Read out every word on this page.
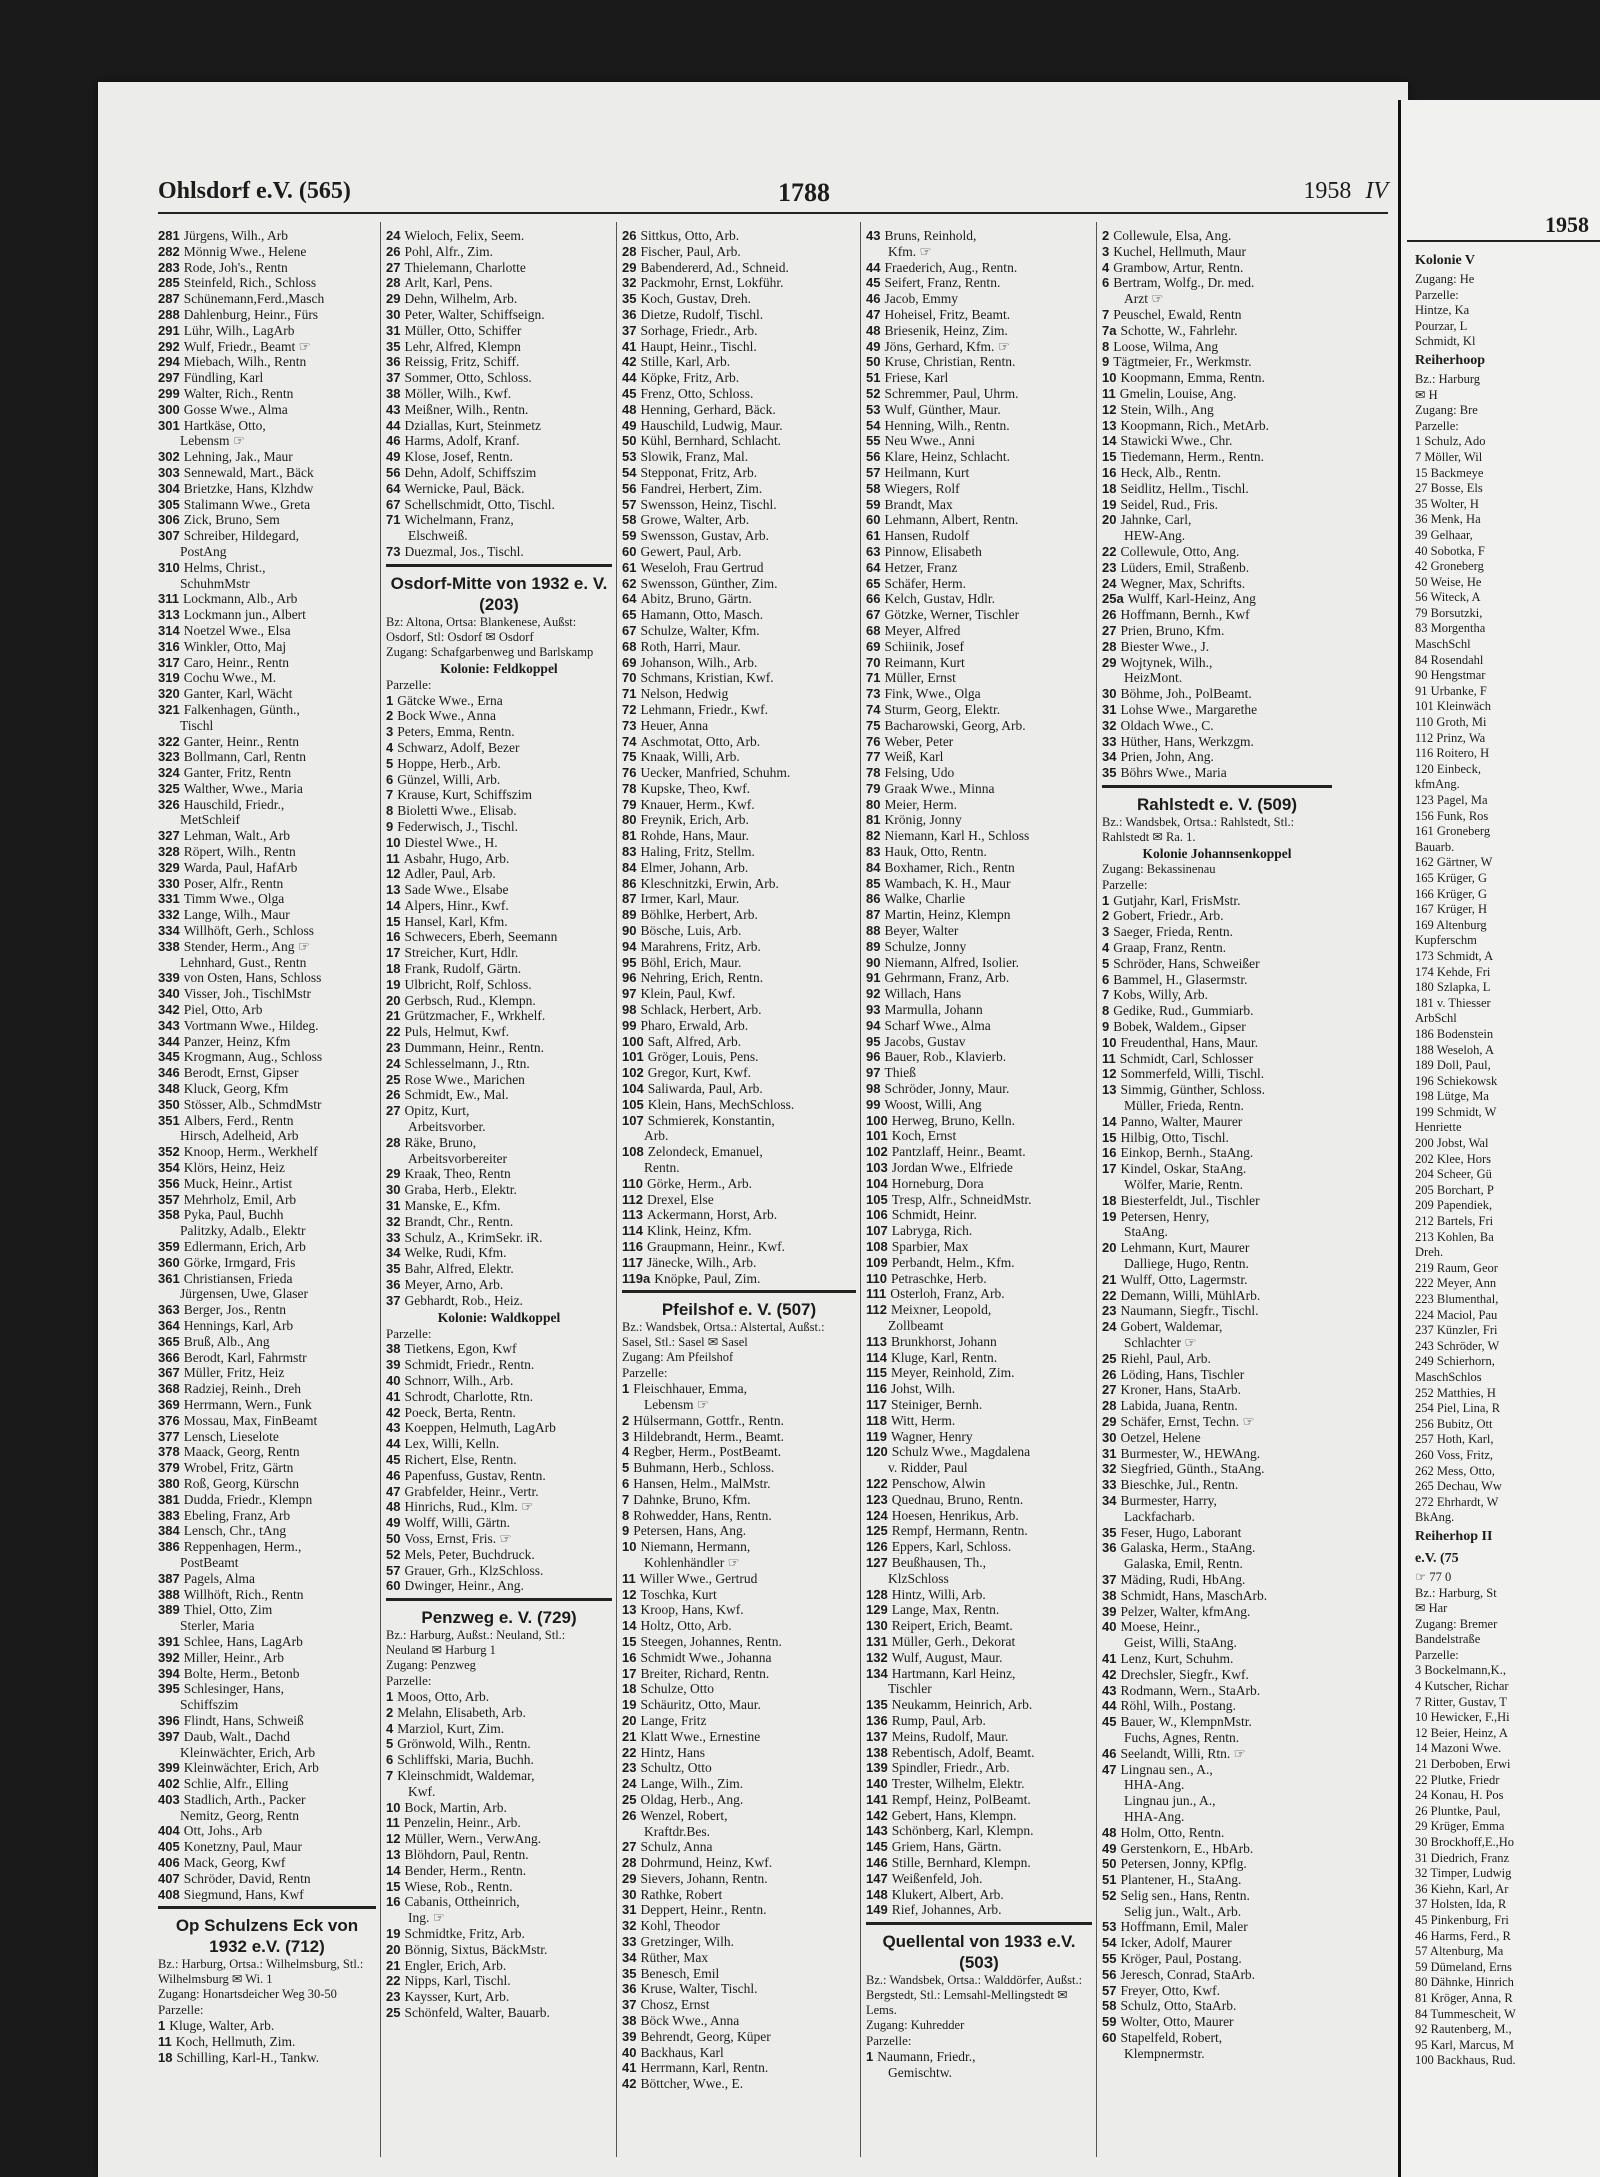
1958
Kolonie V
Zugang: He
Parzelle:
Hintze, Ka
Pourzar, L
Schmidt, Kl
Reiherhoop
Bz.: Harburg
✉ H
Zugang: Bre
Parzelle:
1 Schulz, Ado
7 Möller, Wil
15 Backmeye
27 Bosse, Els
35 Wolter, H
36 Menk, Ha
39 Gelhaar,
40 Sobotka, F
42 Groneberg
50 Weise, He
56 Witeck, A
79 Borsutzki,
83 Morgentha
MaschSchl
84 Rosendahl
90 Hengstmar
91 Urbanke, F
101 Kleinwäch
110 Groth, Mi
112 Prinz, Wa
116 Roitero, H
120 Einbeck,
kfmAng.
123 Pagel, Ma
156 Funk, Ros
161 Groneberg
Bauarb.
162 Gärtner, W
165 Krüger, G
166 Krüger, G
167 Krüger, H
169 Altenburg
Kupferschm
173 Schmidt, A
174 Kehde, Fri
180 Szlapka, L
181 v. Thiesser
ArbSchl
186 Bodenstein
188 Weseloh, A
189 Doll, Paul,
196 Schiekowsk
198 Lütge, Ma
199 Schmidt, W
Henriette
200 Jobst, Wal
202 Klee, Hors
204 Scheer, Gü
205 Borchart, P
209 Papendiek,
212 Bartels, Fri
213 Kohlen, Ba
Dreh.
219 Raum, Geor
222 Meyer, Ann
223 Blumenthal,
224 Maciol, Pau
237 Künzler, Fri
243 Schröder, W
249 Schierhorn,
MaschSchlos
252 Matthies, H
254 Piel, Lina, R
256 Bubitz, Ott
257 Hoth, Karl,
260 Voss, Fritz,
262 Mess, Otto,
265 Dechau, Ww
272 Ehrhardt, W
BkAng.
Reiherhop II
e.V. (75
☞ 77 0
Bz.: Harburg, St
✉ Har
Zugang: Bremer
Bandelstraße
Parzelle:
3 Bockelmann,K.,
4 Kutscher, Richar
7 Ritter, Gustav, T
10 Hewicker, F.,Hi
12 Beier, Heinz, A
14 Mazoni Wwe.
21 Derboben, Erwi
22 Plutke, Friedr
24 Konau, H. Pos
26 Pluntke, Paul,
29 Krüger, Emma
30 Brockhoff,E.,Ho
31 Diedrich, Franz
32 Timper, Ludwig
36 Kiehn, Karl, Ar
37 Holsten, Ida, R
45 Pinkenburg, Fri
46 Harms, Ferd., R
57 Altenburg, Ma
59 Dümeland, Erns
80 Dähnke, Hinrich
81 Kröger, Anna, R
84 Tummescheit, W
92 Rautenberg, M.,
95 Karl, Marcus, M
100 Backhaus, Rud.
Ohlsdorf e.V. (565)	1788	1958 IV
281 Jürgens, Wilh., Arb
282 Mönnig Wwe., Helene
283 Rode, Joh's., Rentn
285 Steinfeld, Rich., Schloss
287 Schünemann,Ferd.,Masch
288 Dahlenburg, Heinr., Fürs
291 Lühr, Wilh., LagArb
292 Wulf, Friedr., Beamt ☞
294 Miebach, Wilh., Rentn
297 Fündling, Karl
299 Walter, Rich., Rentn
300 Gosse Wwe., Alma
301 Hartkäse, Otto,
Lebensm ☞
302 Lehning, Jak., Maur
303 Sennewald, Mart., Bäck
304 Brietzke, Hans, Klzhdw
305 Stalimann Wwe., Greta
306 Zick, Bruno, Sem
307 Schreiber, Hildegard,
PostAng
310 Helms, Christ.,
SchuhmMstr
311 Lockmann, Alb., Arb
313 Lockmann jun., Albert
314 Noetzel Wwe., Elsa
316 Winkler, Otto, Maj
317 Caro, Heinr., Rentn
319 Cochu Wwe., M.
320 Ganter, Karl, Wächt
321 Falkenhagen, Günth.,
Tischl
322 Ganter, Heinr., Rentn
323 Bollmann, Carl, Rentn
324 Ganter, Fritz, Rentn
325 Walther, Wwe., Maria
326 Hauschild, Friedr.,
MetSchleif
327 Lehman, Walt., Arb
328 Röpert, Wilh., Rentn
329 Warda, Paul, HafArb
330 Poser, Alfr., Rentn
331 Timm Wwe., Olga
332 Lange, Wilh., Maur
334 Willhöft, Gerh., Schloss
338 Stender, Herm., Ang ☞
Lehnhard, Gust., Rentn
339 von Osten, Hans, Schloss
340 Visser, Joh., TischlMstr
342 Piel, Otto, Arb
343 Vortmann Wwe., Hildeg.
344 Panzer, Heinz, Kfm
345 Krogmann, Aug., Schloss
346 Berodt, Ernst, Gipser
348 Kluck, Georg, Kfm
350 Stösser, Alb., SchmdMstr
351 Albers, Ferd., Rentn
Hirsch, Adelheid, Arb
352 Knoop, Herm., Werkhelf
354 Klörs, Heinz, Heiz
356 Muck, Heinr., Artist
357 Mehrholz, Emil, Arb
358 Pyka, Paul, Buchh
Palitzky, Adalb., Elektr
359 Edlermann, Erich, Arb
360 Görke, Irmgard, Fris
361 Christiansen, Frieda
Jürgensen, Uwe, Glaser
363 Berger, Jos., Rentn
364 Hennings, Karl, Arb
365 Bruß, Alb., Ang
366 Berodt, Karl, Fahrmstr
367 Müller, Fritz, Heiz
368 Radziej, Reinh., Dreh
369 Herrmann, Wern., Funk
376 Mossau, Max, FinBeamt
377 Lensch, Lieselote
378 Maack, Georg, Rentn
379 Wrobel, Fritz, Gärtn
380 Roß, Georg, Kürschn
381 Dudda, Friedr., Klempn
383 Ebeling, Franz, Arb
384 Lensch, Chr., tAng
386 Reppenhagen, Herm.,
PostBeamt
387 Pagels, Alma
388 Willhöft, Rich., Rentn
389 Thiel, Otto, Zim
Sterler, Maria
391 Schlee, Hans, LagArb
392 Miller, Heinr., Arb
394 Bolte, Herm., Betonb
395 Schlesinger, Hans,
Schiffszim
396 Flindt, Hans, Schweiß
397 Daub, Walt., Dachd
Kleinwächter, Erich, Arb
399 Kleinwächter, Erich, Arb
402 Schlie, Alfr., Elling
403 Stadlich, Arth., Packer
Nemitz, Georg, Rentn
404 Ott, Johs., Arb
405 Konetzny, Paul, Maur
406 Mack, Georg, Kwf
407 Schröder, David, Rentn
408 Siegmund, Hans, Kwf
Op Schulzens Eck von 1932 e.V. (712)
Bz.: Harburg, Ortsa.: Wilhelmsburg, Stl.: Wilhelmsburg ✉ Wi. 1
Zugang: Honartsdeicher Weg 30-50
Parzelle:
1 Kluge, Walter, Arb.
11 Koch, Hellmuth, Zim.
18 Schilling, Karl-H., Tankw.
24 Wieloch, Felix, Seem.
26 Pohl, Alfr., Zim.
27 Thielemann, Charlotte
28 Arlt, Karl, Pens.
29 Dehn, Wilhelm, Arb.
30 Peter, Walter, Schiffseign.
31 Müller, Otto, Schiffer
35 Lehr, Alfred, Klempn
36 Reissig, Fritz, Schiff.
37 Sommer, Otto, Schloss.
38 Möller, Wilh., Kwf.
43 Meißner, Wilh., Rentn.
44 Dziallas, Kurt, Steinmetz
46 Harms, Adolf, Kranf.
49 Klose, Josef, Rentn.
56 Dehn, Adolf, Schiffszim
64 Wernicke, Paul, Bäck.
67 Schellschmidt, Otto, Tischl.
71 Wichelmann, Franz,
Elschweiß.
73 Duezmal, Jos., Tischl.
Osdorf-Mitte von 1932 e. V. (203)
Bz: Altona, Ortsa: Blankenese, Außst: Osdorf, Stl: Osdorf ✉ Osdorf
Zugang: Schafgarbenweg und Barlskamp
Kolonie: Feldkoppel
Parzelle:
1 Gätcke Wwe., Erna
2 Bock Wwe., Anna
3 Peters, Emma, Rentn.
4 Schwarz, Adolf, Bezer
5 Hoppe, Herb., Arb.
6 Günzel, Willi, Arb.
7 Krause, Kurt, Schiffszim
8 Bioletti Wwe., Elisab.
9 Federwisch, J., Tischl.
10 Diestel Wwe., H.
11 Asbahr, Hugo, Arb.
12 Adler, Paul, Arb.
13 Sade Wwe., Elsabe
14 Alpers, Hinr., Kwf.
15 Hansel, Karl, Kfm.
16 Schwecers, Eberh, Seemann
17 Streicher, Kurt, Hdlr.
18 Frank, Rudolf, Gärtn.
19 Ulbricht, Rolf, Schloss.
20 Gerbsch, Rud., Klempn.
21 Grützmacher, F., Wrkhelf.
22 Puls, Helmut, Kwf.
23 Dummann, Heinr., Rentn.
24 Schlesselmann, J., Rtn.
25 Rose Wwe., Marichen
26 Schmidt, Ew., Mal.
27 Opitz, Kurt,
Arbeitsvorber.
28 Räke, Bruno,
Arbeitsvorbereiter
29 Kraak, Theo, Rentn
30 Graba, Herb., Elektr.
31 Manske, E., Kfm.
32 Brandt, Chr., Rentn.
33 Schulz, A., KrimSekr. iR.
34 Welke, Rudi, Kfm.
35 Bahr, Alfred, Elektr.
36 Meyer, Arno, Arb.
37 Gebhardt, Rob., Heiz.
Kolonie: Waldkoppel
Parzelle:
38 Tietkens, Egon, Kwf
39 Schmidt, Friedr., Rentn.
40 Schnorr, Wilh., Arb.
41 Schrodt, Charlotte, Rtn.
42 Poeck, Berta, Rentn.
43 Koeppen, Helmuth, LagArb
44 Lex, Willi, Kelln.
45 Richert, Else, Rentn.
46 Papenfuss, Gustav, Rentn.
47 Grabfelder, Heinr., Vertr.
48 Hinrichs, Rud., Klm. ☞
49 Wolff, Willi, Gärtn.
50 Voss, Ernst, Fris. ☞
52 Mels, Peter, Buchdruck.
57 Grauer, Grh., KlzSchloss.
60 Dwinger, Heinr., Ang.
Penzweg e. V. (729)
Bz.: Harburg, Außst.: Neuland, Stl.: Neuland ✉ Harburg 1
Zugang: Penzweg
Parzelle:
1 Moos, Otto, Arb.
2 Melahn, Elisabeth, Arb.
4 Marziol, Kurt, Zim.
5 Grönwold, Wilh., Rentn.
6 Schliffski, Maria, Buchh.
7 Kleinschmidt, Waldemar,
Kwf.
10 Bock, Martin, Arb.
11 Penzelin, Heinr., Arb.
12 Müller, Wern., VerwAng.
13 Blöhdorn, Paul, Rentn.
14 Bender, Herm., Rentn.
15 Wiese, Rob., Rentn.
16 Cabanis, Ottheinrich,
Ing. ☞
19 Schmidtke, Fritz, Arb.
20 Bönnig, Sixtus, BäckMstr.
21 Engler, Erich, Arb.
22 Nipps, Karl, Tischl.
23 Kaysser, Kurt, Arb.
25 Schönfeld, Walter, Bauarb.
26 Sittkus, Otto, Arb.
28 Fischer, Paul, Arb.
29 Babendererd, Ad., Schneid.
32 Packmohr, Ernst, Lokführ.
35 Koch, Gustav, Dreh.
36 Dietze, Rudolf, Tischl.
37 Sorhage, Friedr., Arb.
41 Haupt, Heinr., Tischl.
42 Stille, Karl, Arb.
44 Köpke, Fritz, Arb.
45 Frenz, Otto, Schloss.
48 Henning, Gerhard, Bäck.
49 Hauschild, Ludwig, Maur.
50 Kühl, Bernhard, Schlacht.
53 Slowik, Franz, Mal.
54 Stepponat, Fritz, Arb.
56 Fandrei, Herbert, Zim.
57 Swensson, Heinz, Tischl.
58 Growe, Walter, Arb.
59 Swensson, Gustav, Arb.
60 Gewert, Paul, Arb.
61 Weseloh, Frau Gertrud
62 Swensson, Günther, Zim.
64 Abitz, Bruno, Gärtn.
65 Hamann, Otto, Masch.
67 Schulze, Walter, Kfm.
68 Roth, Harri, Maur.
69 Johanson, Wilh., Arb.
70 Schmans, Kristian, Kwf.
71 Nelson, Hedwig
72 Lehmann, Friedr., Kwf.
73 Heuer, Anna
74 Aschmotat, Otto, Arb.
75 Knaak, Willi, Arb.
76 Uecker, Manfried, Schuhm.
78 Kupske, Theo, Kwf.
79 Knauer, Herm., Kwf.
80 Freynik, Erich, Arb.
81 Rohde, Hans, Maur.
83 Haling, Fritz, Stellm.
84 Elmer, Johann, Arb.
86 Kleschnitzki, Erwin, Arb.
87 Irmer, Karl, Maur.
89 Böhlke, Herbert, Arb.
90 Bösche, Luis, Arb.
94 Marahrens, Fritz, Arb.
95 Böhl, Erich, Maur.
96 Nehring, Erich, Rentn.
97 Klein, Paul, Kwf.
98 Schlack, Herbert, Arb.
99 Pharo, Erwald, Arb.
100 Saft, Alfred, Arb.
101 Gröger, Louis, Pens.
102 Gregor, Kurt, Kwf.
104 Saliwarda, Paul, Arb.
105 Klein, Hans, MechSchloss.
107 Schmierek, Konstantin,
Arb.
108 Zelondeck, Emanuel,
Rentn.
110 Görke, Herm., Arb.
112 Drexel, Else
113 Ackermann, Horst, Arb.
114 Klink, Heinz, Kfm.
116 Graupmann, Heinr., Kwf.
117 Jänecke, Wilh., Arb.
119a Knöpke, Paul, Zim.
Pfeilshof e. V. (507)
Bz.: Wandsbek, Ortsa.: Alstertal, Außst.: Sasel, Stl.: Sasel ✉ Sasel
Zugang: Am Pfeilshof
Parzelle:
1 Fleischhauer, Emma,
Lebensm ☞
2 Hülsermann, Gottfr., Rentn.
3 Hildebrandt, Herm., Beamt.
4 Regber, Herm., PostBeamt.
5 Buhmann, Herb., Schloss.
6 Hansen, Helm., MalMstr.
7 Dahnke, Bruno, Kfm.
8 Rohwedder, Hans, Rentn.
9 Petersen, Hans, Ang.
10 Niemann, Hermann,
Kohlenhändler ☞
11 Willer Wwe., Gertrud
12 Toschka, Kurt
13 Kroop, Hans, Kwf.
14 Holtz, Otto, Arb.
15 Steegen, Johannes, Rentn.
16 Schmidt Wwe., Johanna
17 Breiter, Richard, Rentn.
18 Schulze, Otto
19 Schäuritz, Otto, Maur.
20 Lange, Fritz
21 Klatt Wwe., Ernestine
22 Hintz, Hans
23 Schultz, Otto
24 Lange, Wilh., Zim.
25 Oldag, Herb., Ang.
26 Wenzel, Robert,
Kraftdr.Bes.
27 Schulz, Anna
28 Dohrmund, Heinz, Kwf.
29 Sievers, Johann, Rentn.
30 Rathke, Robert
31 Deppert, Heinr., Rentn.
32 Kohl, Theodor
33 Gretzinger, Wilh.
34 Rüther, Max
35 Benesch, Emil
36 Kruse, Walter, Tischl.
37 Chosz, Ernst
38 Böck Wwe., Anna
39 Behrendt, Georg, Küper
40 Backhaus, Karl
41 Herrmann, Karl, Rentn.
42 Böttcher, Wwe., E.
43 Bruns, Reinhold,
Kfm. ☞
44 Fraederich, Aug., Rentn.
45 Seifert, Franz, Rentn.
46 Jacob, Emmy
47 Hoheisel, Fritz, Beamt.
48 Briesenik, Heinz, Zim.
49 Jöns, Gerhard, Kfm. ☞
50 Kruse, Christian, Rentn.
51 Friese, Karl
52 Schremmer, Paul, Uhrm.
53 Wulf, Günther, Maur.
54 Henning, Wilh., Rentn.
55 Neu Wwe., Anni
56 Klare, Heinz, Schlacht.
57 Heilmann, Kurt
58 Wiegers, Rolf
59 Brandt, Max
60 Lehmann, Albert, Rentn.
61 Hansen, Rudolf
63 Pinnow, Elisabeth
64 Hetzer, Franz
65 Schäfer, Herm.
66 Kelch, Gustav, Hdlr.
67 Götzke, Werner, Tischler
68 Meyer, Alfred
69 Schiinik, Josef
70 Reimann, Kurt
71 Müller, Ernst
73 Fink, Wwe., Olga
74 Sturm, Georg, Elektr.
75 Bacharowski, Georg, Arb.
76 Weber, Peter
77 Weiß, Karl
78 Felsing, Udo
79 Graak Wwe., Minna
80 Meier, Herm.
81 Krönig, Jonny
82 Niemann, Karl H., Schloss
83 Hauk, Otto, Rentn.
84 Boxhamer, Rich., Rentn
85 Wambach, K. H., Maur
86 Walke, Charlie
87 Martin, Heinz, Klempn
88 Beyer, Walter
89 Schulze, Jonny
90 Niemann, Alfred, Isolier.
91 Gehrmann, Franz, Arb.
92 Willach, Hans
93 Marmulla, Johann
94 Scharf Wwe., Alma
95 Jacobs, Gustav
96 Bauer, Rob., Klavierb.
97 Thieß
98 Schröder, Jonny, Maur.
99 Woost, Willi, Ang
100 Herweg, Bruno, Kelln.
101 Koch, Ernst
102 Pantzlaff, Heinr., Beamt.
103 Jordan Wwe., Elfriede
104 Horneburg, Dora
105 Tresp, Alfr., SchneidMstr.
106 Schmidt, Heinr.
107 Labryga, Rich.
108 Sparbier, Max
109 Perbandt, Helm., Kfm.
110 Petraschke, Herb.
111 Osterloh, Franz, Arb.
112 Meixner, Leopold,
Zollbeamt
113 Brunkhorst, Johann
114 Kluge, Karl, Rentn.
115 Meyer, Reinhold, Zim.
116 Johst, Wilh.
117 Steiniger, Bernh.
118 Witt, Herm.
119 Wagner, Henry
120 Schulz Wwe., Magdalena
v. Ridder, Paul
122 Penschow, Alwin
123 Quednau, Bruno, Rentn.
124 Hoesen, Henrikus, Arb.
125 Rempf, Hermann, Rentn.
126 Eppers, Karl, Schloss.
127 Beußhausen, Th.,
KlzSchloss
128 Hintz, Willi, Arb.
129 Lange, Max, Rentn.
130 Reipert, Erich, Beamt.
131 Müller, Gerh., Dekorat
132 Wulf, August, Maur.
134 Hartmann, Karl Heinz,
Tischler
135 Neukamm, Heinrich, Arb.
136 Rump, Paul, Arb.
137 Meins, Rudolf, Maur.
138 Rebentisch, Adolf, Beamt.
139 Spindler, Friedr., Arb.
140 Trester, Wilhelm, Elektr.
141 Rempf, Heinz, PolBeamt.
142 Gebert, Hans, Klempn.
143 Schönberg, Karl, Klempn.
145 Griem, Hans, Gärtn.
146 Stille, Bernhard, Klempn.
147 Weißenfeld, Joh.
148 Klukert, Albert, Arb.
149 Rief, Johannes, Arb.
Quellental von 1933 e.V. (503)
Bz.: Wandsbek, Ortsa.: Walddörfer, Außst.: Bergstedt, Stl.: Lemsahl-Mellingstedt ✉ Lems.
Zugang: Kuhredder
Parzelle:
1 Naumann, Friedr.,
Gemischtw.
2 Collewule, Elsa, Ang.
3 Kuchel, Hellmuth, Maur
4 Grambow, Artur, Rentn.
6 Bertram, Wolfg., Dr. med.
Arzt ☞
7 Peuschel, Ewald, Rentn
7a Schotte, W., Fahrlehr.
8 Loose, Wilma, Ang
9 Tägtmeier, Fr., Werkmstr.
10 Koopmann, Emma, Rentn.
11 Gmelin, Louise, Ang.
12 Stein, Wilh., Ang
13 Koopmann, Rich., MetArb.
14 Stawicki Wwe., Chr.
15 Tiedemann, Herm., Rentn.
16 Heck, Alb., Rentn.
18 Seidlitz, Hellm., Tischl.
19 Seidel, Rud., Fris.
20 Jahnke, Carl,
HEW-Ang.
22 Collewule, Otto, Ang.
23 Lüders, Emil, Straßenb.
24 Wegner, Max, Schrifts.
25a Wulff, Karl-Heinz, Ang
26 Hoffmann, Bernh., Kwf
27 Prien, Bruno, Kfm.
28 Biester Wwe., J.
29 Wojtynek, Wilh.,
HeizMont.
30 Böhme, Joh., PolBeamt.
31 Lohse Wwe., Margarethe
32 Oldach Wwe., C.
33 Hüther, Hans, Werkzgm.
34 Prien, John, Ang.
35 Böhrs Wwe., Maria
Rahlstedt e. V. (509)
Bz.: Wandsbek, Ortsa.: Rahlstedt, Stl.: Rahlstedt ✉ Ra. 1.
Kolonie Johannsenkoppel
Zugang: Bekassinenau
Parzelle:
1 Gutjahr, Karl, FrisMstr.
2 Gobert, Friedr., Arb.
3 Saeger, Frieda, Rentn.
4 Graap, Franz, Rentn.
5 Schröder, Hans, Schweißer
6 Bammel, H., Glasermstr.
7 Kobs, Willy, Arb.
8 Gedike, Rud., Gummiarb.
9 Bobek, Waldem., Gipser
10 Freudenthal, Hans, Maur.
11 Schmidt, Carl, Schlosser
12 Sommerfeld, Willi, Tischl.
13 Simmig, Günther, Schloss.
Müller, Frieda, Rentn.
14 Panno, Walter, Maurer
15 Hilbig, Otto, Tischl.
16 Einkop, Bernh., StaAng.
17 Kindel, Oskar, StaAng.
Wölfer, Marie, Rentn.
18 Biesterfeldt, Jul., Tischler
19 Petersen, Henry,
StaAng.
20 Lehmann, Kurt, Maurer
Dalliege, Hugo, Rentn.
21 Wulff, Otto, Lagermstr.
22 Demann, Willi, MühlArb.
23 Naumann, Siegfr., Tischl.
24 Gobert, Waldemar,
Schlachter ☞
25 Riehl, Paul, Arb.
26 Löding, Hans, Tischler
27 Kroner, Hans, StaArb.
28 Labida, Juana, Rentn.
29 Schäfer, Ernst, Techn. ☞
30 Oetzel, Helene
31 Burmester, W., HEWAng.
32 Siegfried, Günth., StaAng.
33 Bieschke, Jul., Rentn.
34 Burmester, Harry,
Lackfacharb.
35 Feser, Hugo, Laborant
36 Galaska, Herm., StaAng.
Galaska, Emil, Rentn.
37 Mäding, Rudi, HbAng.
38 Schmidt, Hans, MaschArb.
39 Pelzer, Walter, kfmAng.
40 Moese, Heinr.,
Geist, Willi, StaAng.
41 Lenz, Kurt, Schuhm.
42 Drechsler, Siegfr., Kwf.
43 Rodmann, Wern., StaArb.
44 Röhl, Wilh., Postang.
45 Bauer, W., KlempnMstr.
Fuchs, Agnes, Rentn.
46 Seelandt, Willi, Rtn. ☞
47 Lingnau sen., A.,
HHA-Ang.
Lingnau jun., A.,
HHA-Ang.
48 Holm, Otto, Rentn.
49 Gerstenkorn, E., HbArb.
50 Petersen, Jonny, KPflg.
51 Plantener, H., StaAng.
52 Selig sen., Hans, Rentn.
Selig jun., Walt., Arb.
53 Hoffmann, Emil, Maler
54 Icker, Adolf, Maurer
55 Kröger, Paul, Postang.
56 Jeresch, Conrad, StaArb.
57 Freyer, Otto, Kwf.
58 Schulz, Otto, StaArb.
59 Wolter, Otto, Maurer
60 Stapelfeld, Robert,
Klempnermstr.
